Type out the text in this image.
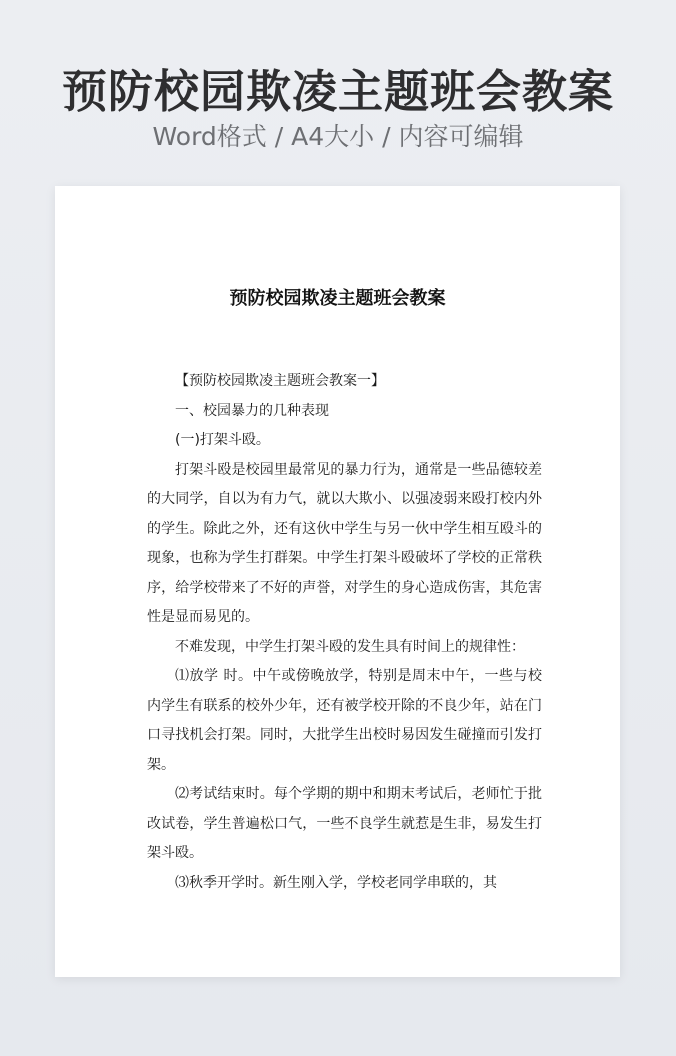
预防校园欺凌主题班会教案
Word格式 / A4大小 / 内容可编辑
预防校园欺凌主题班会教案

【预防校园欺凌主题班会教案一】

一、校园暴力的几种表现

(一)打架斗殴。

打架斗殴是校园里最常见的暴力行为，通常是一些品德较差的大同学，自以为有力气，就以大欺小、以强凌弱来殴打校内外的学生。除此之外，还有这伙中学生与另一伙中学生相互殴斗的现象，也称为学生打群架。中学生打架斗殴破坏了学校的正常秩序，给学校带来了不好的声誉，对学生的身心造成伤害，其危害性是显而易见的。

不难发现，中学生打架斗殴的发生具有时间上的规律性：

⑴放学 时。中午或傍晚放学，特别是周末中午，一些与校内学生有联系的校外少年，还有被学校开除的不良少年，站在门口寻找机会打架。同时，大批学生出校时易因发生碰撞而引发打架。

⑵考试结束时。每个学期的期中和期末考试后，老师忙于批改试卷，学生普遍松口气，一些不良学生就惹是生非，易发生打架斗殴。

⑶秋季开学时。新生刚入学，学校老同学串联的，其
